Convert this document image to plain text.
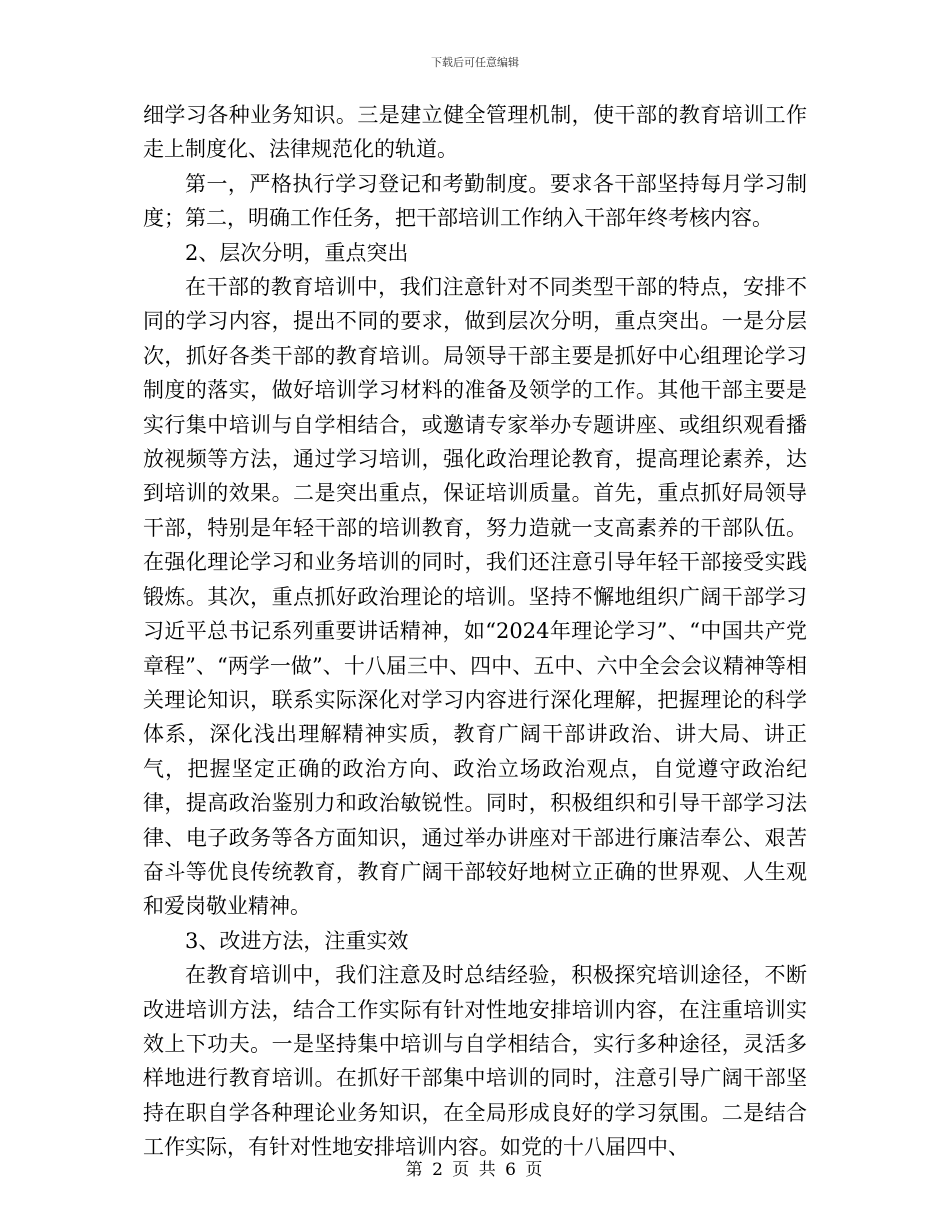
下载后可任意编辑

细学习各种业务知识。三是建立健全管理机制，使干部的教育培训工作走上制度化、法律规范化的轨道。

第一，严格执行学习登记和考勤制度。要求各干部坚持每月学习制度；第二，明确工作任务，把干部培训工作纳入干部年终考核内容。

2、层次分明，重点突出

在干部的教育培训中，我们注意针对不同类型干部的特点，安排不同的学习内容，提出不同的要求，做到层次分明，重点突出。一是分层次，抓好各类干部的教育培训。局领导干部主要是抓好中心组理论学习制度的落实，做好培训学习材料的准备及领学的工作。其他干部主要是实行集中培训与自学相结合，或邀请专家举办专题讲座、或组织观看播放视频等方法，通过学习培训，强化政治理论教育，提高理论素养，达到培训的效果。二是突出重点，保证培训质量。首先，重点抓好局领导干部，特别是年轻干部的培训教育，努力造就一支高素养的干部队伍。在强化理论学习和业务培训的同时，我们还注意引导年轻干部接受实践锻炼。其次，重点抓好政治理论的培训。坚持不懈地组织广阔干部学习习近平总书记系列重要讲话精神，如“2024年理论学习”、“中国共产党章程”、“两学一做”、十八届三中、四中、五中、六中全会会议精神等相关理论知识，联系实际深化对学习内容进行深化理解，把握理论的科学体系，深化浅出理解精神实质，教育广阔干部讲政治、讲大局、讲正气，把握坚定正确的政治方向、政治立场政治观点，自觉遵守政治纪律，提高政治鉴别力和政治敏锐性。同时，积极组织和引导干部学习法律、电子政务等各方面知识，通过举办讲座对干部进行廉洁奉公、艰苦奋斗等优良传统教育，教育广阔干部较好地树立正确的世界观、人生观和爱岗敬业精神。

3、改进方法，注重实效

在教育培训中，我们注意及时总结经验，积极探究培训途径，不断改进培训方法，结合工作实际有针对性地安排培训内容，在注重培训实效上下功夫。一是坚持集中培训与自学相结合，实行多种途径，灵活多样地进行教育培训。在抓好干部集中培训的同时，注意引导广阔干部坚持在职自学各种理论业务知识，在全局形成良好的学习氛围。二是结合工作实际，有针对性地安排培训内容。如党的十八届四中、

第 2 页 共 6 页
